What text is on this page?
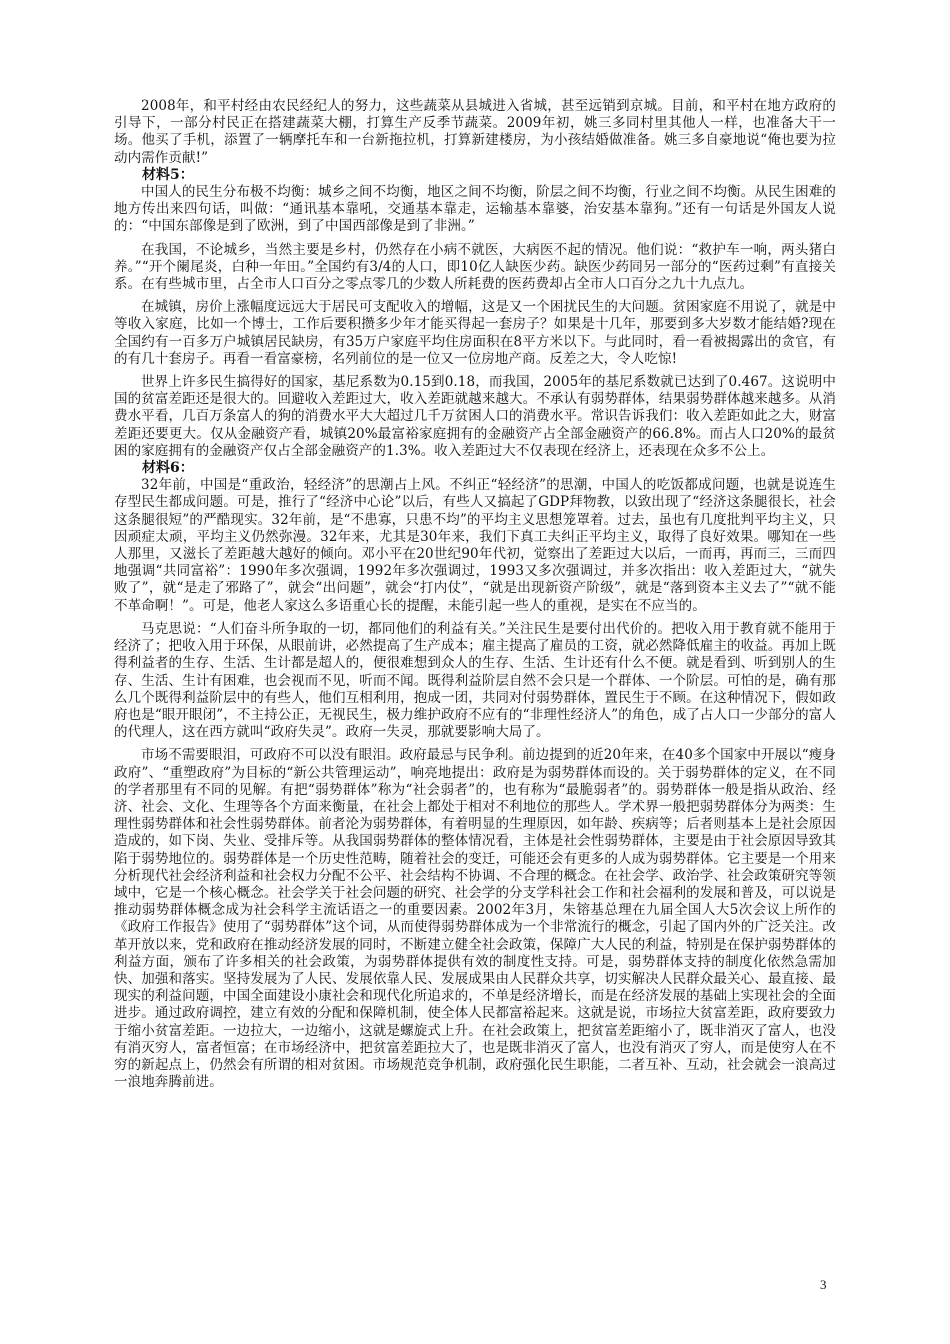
2008年，和平村经由农民经纪人的努力，这些蔬菜从县城进入省城，甚至远销到京城。目前，和平村在地方政府的引导下，一部分村民正在搭建蔬菜大棚，打算生产反季节蔬菜。2009年初，姚三多同村里其他人一样，也准备大干一场。他买了手机，添置了一辆摩托车和一台新拖拉机，打算新建楼房，为小孩结婚做准备。姚三多自豪地说“俺也要为拉动内需作贡献!”

材料5：

中国人的民生分布极不均衡：城乡之间不均衡，地区之间不均衡，阶层之间不均衡，行业之间不均衡。从民生困难的地方传出来四句话，叫做：“通讯基本靠吼，交通基本靠走，运输基本靠婆，治安基本靠狗。”还有一句话是外国友人说的：“中国东部像是到了欧洲，到了中国西部像是到了非洲。”

在我国，不论城乡，当然主要是乡村，仍然存在小病不就医，大病医不起的情况。他们说：“救护车一响，两头猪白养。”“开个阑尾炎，白种一年田。”全国约有3/4的人口，即10亿人缺医少药。缺医少药同另一部分的“医药过剩”有直接关系。在有些城市里，占全市人口百分之零点零几的少数人所耗费的医药费却占全市人口百分之九十九点九。

在城镇，房价上涨幅度远远大于居民可支配收入的增幅，这是又一个困扰民生的大问题。贫困家庭不用说了，就是中等收入家庭，比如一个博士，工作后要积攒多少年才能买得起一套房子？如果是十几年，那要到多大岁数才能结婚?现在全国约有一百多万户城镇居民缺房，有35万户家庭平均住房面积在8平方米以下。与此同时，看一看被揭露出的贪官，有的有几十套房子。再看一看富豪榜，名列前位的是一位又一位房地产商。反差之大，令人吃惊!

世界上许多民生搞得好的国家，基尼系数为0.15到0.18，而我国，2005年的基尼系数就已达到了0.467。这说明中国的贫富差距还是很大的。回避收入差距过大，收入差距就越来越大。不承认有弱势群体，结果弱势群体越来越多。从消费水平看，几百万条富人的狗的消费水平大大超过几千万贫困人口的消费水平。常识告诉我们：收入差距如此之大，财富差距还要更大。仅从金融资产看，城镇20%最富裕家庭拥有的金融资产占全部金融资产的66.8%。而占人口20%的最贫困的家庭拥有的金融资产仅占全部金融资产的1.3%。收入差距过大不仅表现在经济上，还表现在众多不公上。

材料6：

32年前，中国是“重政治，轻经济”的思潮占上风。不纠正“轻经济”的思潮，中国人的吃饭都成问题，也就是说连生存型民生都成问题。可是，推行了“经济中心论”以后，有些人又搞起了GDP拜物教，以致出现了“经济这条腿很长，社会这条腿很短”的严酷现实。32年前，是“不患寡，只患不均”的平均主义思想笼罩着。过去，虽也有几度批判平均主义，只因顽症太顽，平均主义仍然弥漫。32年来，尤其是30年来，我们下真工夫纠正平均主义，取得了良好效果。哪知在一些人那里，又滋长了差距越大越好的倾向。邓小平在20世纪90年代初，觉察出了差距过大以后，一而再，再而三，三而四地强调“共同富裕”：1990年多次强调，1992年多次强调过，1993又多次强调过，并多次指出：收入差距过大，“就失败了”，就“是走了邪路了”，就会“出问题”，就会“打内仗”，“就是出现新资产阶级”，就是“落到资本主义去了”“就不能不革命啊！”。可是，他老人家这么多语重心长的提醒，未能引起一些人的重视，是实在不应当的。

马克思说：“人们奋斗所争取的一切，都同他们的利益有关。”关注民生是要付出代价的。把收入用于教育就不能用于经济了；把收入用于环保，从眼前讲，必然提高了生产成本；雇主提高了雇员的工资，就必然降低雇主的收益。再加上既得利益者的生存、生活、生计都是超人的，便很难想到众人的生存、生活、生计还有什么不便。就是看到、听到别人的生存、生活、生计有困难，也会视而不见，听而不闻。既得利益阶层自然不会只是一个群体、一个阶层。可怕的是，确有那么几个既得利益阶层中的有些人，他们互相利用，抱成一团，共同对付弱势群体，置民生于不顾。在这种情况下，假如政府也是“眼开眼闭”，不主持公正，无视民生，极力维护政府不应有的“非理性经济人”的角色，成了占人口一少部分的富人的代理人，这在西方就叫“政府失灵”。政府一失灵，那就要影响大局了。

市场不需要眼泪，可政府不可以没有眼泪。政府最忌与民争利。前边提到的近20年来，在40多个国家中开展以“瘦身政府”、“重塑政府”为目标的“新公共管理运动”，响亮地提出：政府是为弱势群体而设的。关于弱势群体的定义，在不同的学者那里有不同的见解。有把“弱势群体”称为“社会弱者”的，也有称为“最脆弱者”的。弱势群体一般是指从政治、经济、社会、文化、生理等各个方面来衡量，在社会上都处于相对不利地位的那些人。学术界一般把弱势群体分为两类：生理性弱势群体和社会性弱势群体。前者沦为弱势群体，有着明显的生理原因，如年龄、疾病等；后者则基本上是社会原因造成的，如下岗、失业、受排斥等。从我国弱势群体的整体情况看，主体是社会性弱势群体，主要是由于社会原因导致其陷于弱势地位的。弱势群体是一个历史性范畴，随着社会的变迁，可能还会有更多的人成为弱势群体。它主要是一个用来分析现代社会经济利益和社会权力分配不公平、社会结构不协调、不合理的概念。在社会学、政治学、社会政策研究等领域中，它是一个核心概念。社会学关于社会问题的研究、社会学的分支学科社会工作和社会福利的发展和普及，可以说是推动弱势群体概念成为社会科学主流话语之一的重要因素。2002年3月，朱镕基总理在九届全国人大5次会议上所作的《政府工作报告》使用了“弱势群体”这个词，从而使得弱势群体成为一个非常流行的概念，引起了国内外的广泛关注。改革开放以来，党和政府在推动经济发展的同时，不断建立健全社会政策，保障广大人民的利益，特别是在保护弱势群体的利益方面，颁布了许多相关的社会政策，为弱势群体提供有效的制度性支持。可是，弱势群体支持的制度化依然急需加快、加强和落实。坚持发展为了人民、发展依靠人民、发展成果由人民群众共享，切实解决人民群众最关心、最直接、最现实的利益问题，中国全面建设小康社会和现代化所追求的，不单是经济增长，而是在经济发展的基础上实现社会的全面进步。通过政府调控，建立有效的分配和保障机制，使全体人民都富裕起来。这就是说，市场拉大贫富差距，政府要致力于缩小贫富差距。一边拉大，一边缩小，这就是螺旋式上升。在社会政策上，把贫富差距缩小了，既非消灭了富人，也没有消灭穷人，富者恒富；在市场经济中，把贫富差距拉大了，也是既非消灭了富人，也没有消灭了穷人，而是使穷人在不穷的新起点上，仍然会有所谓的相对贫困。市场规范竞争机制，政府强化民生职能，二者互补、互动，社会就会一浪高过一浪地奔腾前进。

3
